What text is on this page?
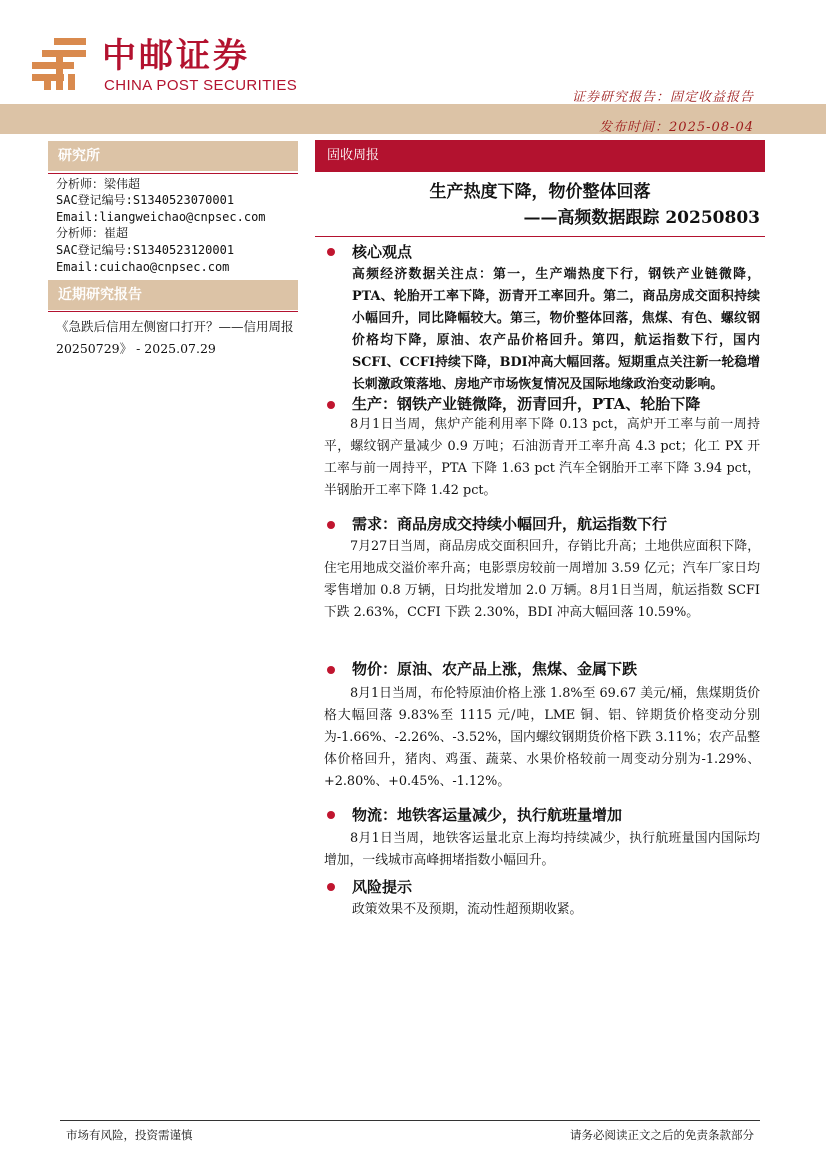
中邮证券
CHINA POST SECURITIES
证券研究报告：固定收益报告
发布时间：2025-08-04
研究所
分析师：梁伟超
SAC登记编号:S1340523070001
Email:liangweichao@cnpsec.com
分析师：崔超
SAC登记编号:S1340523120001
Email:cuichao@cnpsec.com
近期研究报告
《急跌后信用左侧窗口打开？——信用周报 20250729》 - 2025.07.29
固收周报
生产热度下降，物价整体回落
——高频数据跟踪 20250803
核心观点
高频经济数据关注点：第一，生产端热度下行，钢铁产业链微降，PTA、轮胎开工率下降，沥青开工率回升。第二，商品房成交面积持续小幅回升，同比降幅较大。第三，物价整体回落，焦煤、有色、螺纹钢价格均下降，原油、农产品价格回升。第四，航运指数下行，国内SCFI、CCFI持续下降，BDI冲高大幅回落。短期重点关注新一轮稳增长刺激政策落地、房地产市场恢复情况及国际地缘政治变动影响。
生产：钢铁产业链微降，沥青回升，PTA、轮胎下降
8月1日当周，焦炉产能利用率下降 0.13 pct，高炉开工率与前一周持平，螺纹钢产量减少 0.9 万吨；石油沥青开工率升高 4.3 pct；化工 PX 开工率与前一周持平，PTA 下降 1.63 pct 汽车全钢胎开工率下降 3.94 pct，半钢胎开工率下降 1.42 pct。
需求：商品房成交持续小幅回升，航运指数下行
7月27日当周，商品房成交面积回升，存销比升高；土地供应面积下降，住宅用地成交溢价率升高；电影票房较前一周增加 3.59 亿元；汽车厂家日均零售增加 0.8 万辆，日均批发增加 2.0 万辆。8月1日当周，航运指数 SCFI 下跌 2.63%，CCFI 下跌 2.30%，BDI 冲高大幅回落 10.59%。
物价：原油、农产品上涨，焦煤、金属下跌
8月1日当周，布伦特原油价格上涨 1.8%至 69.67 美元/桶，焦煤期货价格大幅回落 9.83%至 1115 元/吨，LME 铜、铝、锌期货价格变动分别为-1.66%、-2.26%、-3.52%，国内螺纹钢期货价格下跌 3.11%；农产品整体价格回升，猪肉、鸡蛋、蔬菜、水果价格较前一周变动分别为-1.29%、+2.80%、+0.45%、-1.12%。
物流：地铁客运量减少，执行航班量增加
8月1日当周，地铁客运量北京上海均持续减少，执行航班量国内国际均增加，一线城市高峰拥堵指数小幅回升。
风险提示
政策效果不及预期，流动性超预期收紧。
市场有风险，投资需谨慎	请务必阅读正文之后的免责条款部分
